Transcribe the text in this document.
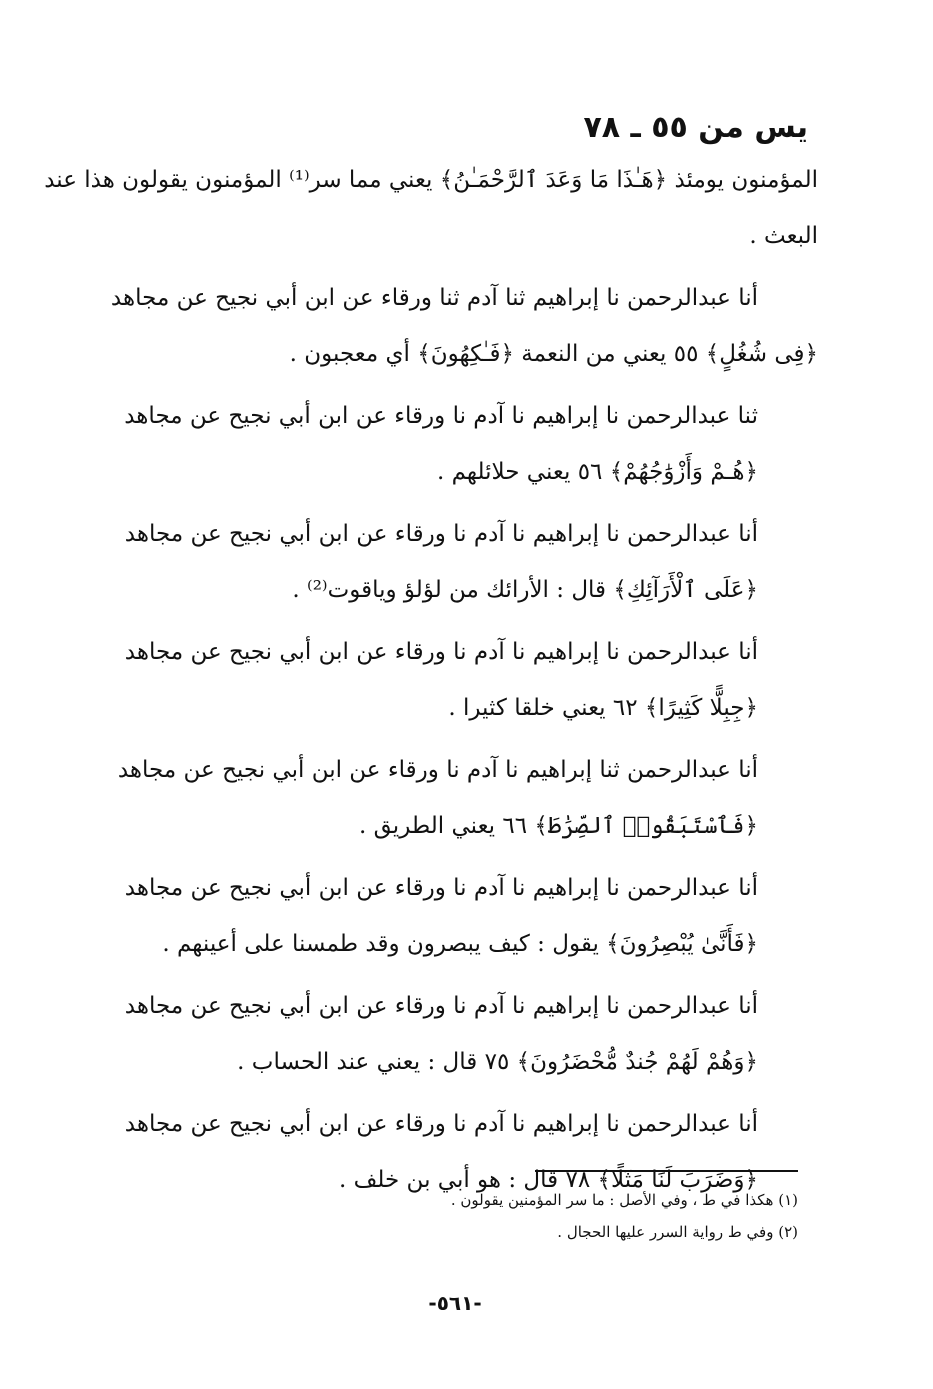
يس من ٥٥ ـ ٧٨

المؤمنون يومئذ ﴿هَـٰذَا مَا وَعَدَ ٱلرَّحْمَـٰنُ﴾ يعني مما سر⁽¹⁾ المؤمنون يقولون هذا عند
البعث .

أنا عبدالرحمن نا إبراهيم ثنا آدم ثنا ورقاء عن ابن أبي نجيح عن مجاهد
﴿فِى شُغُلٍ﴾ ٥٥ يعني من النعمة ﴿فَـٰكِهُونَ﴾ أي معجبون .

ثنا عبدالرحمن نا إبراهيم نا آدم نا ورقاء عن ابن أبي نجيح عن مجاهد
﴿هُـمْ وَأَزْوَٰجُهُمْ﴾ ٥٦ يعني حلائلهم .

أنا عبدالرحمن نا إبراهيم نا آدم نا ورقاء عن ابن أبي نجيح عن مجاهد
﴿عَلَى ٱلْأَرَآئِكِ﴾ قال : الأرائك من لؤلؤ وياقوت⁽²⁾ .

أنا عبدالرحمن نا إبراهيم نا آدم نا ورقاء عن ابن أبي نجيح عن مجاهد
﴿جِبِلًّا كَثِيرًا﴾ ٦٢ يعني خلقا كثيرا .

أنا عبدالرحمن ثنا إبراهيم نا آدم نا ورقاء عن ابن أبي نجيح عن مجاهد
﴿فَٱسْتَبَقُوا۟ ٱلصِّرَٰطَ﴾ ٦٦ يعني الطريق .

أنا عبدالرحمن نا إبراهيم نا آدم نا ورقاء عن ابن أبي نجيح عن مجاهد
﴿فَأَنَّىٰ يُبْصِرُونَ﴾ يقول : كيف يبصرون وقد طمسنا على أعينهم .

أنا عبدالرحمن نا إبراهيم نا آدم نا ورقاء عن ابن أبي نجيح عن مجاهد
﴿وَهُمْ لَهُمْ جُندٌ مُّحْضَرُونَ﴾ ٧٥ قال : يعني عند الحساب .

أنا عبدالرحمن نا إبراهيم نا آدم نا ورقاء عن ابن أبي نجيح عن مجاهد
﴿وَضَرَبَ لَنَا مَثَلًا﴾ ٧٨ قال : هو أبي بن خلف .

(١) هكذا في ط ، وفي الأصل : ما سر المؤمنين يقولون .
(٢) وفي ط رواية السرر عليها الحجال .
-٥٦١-
